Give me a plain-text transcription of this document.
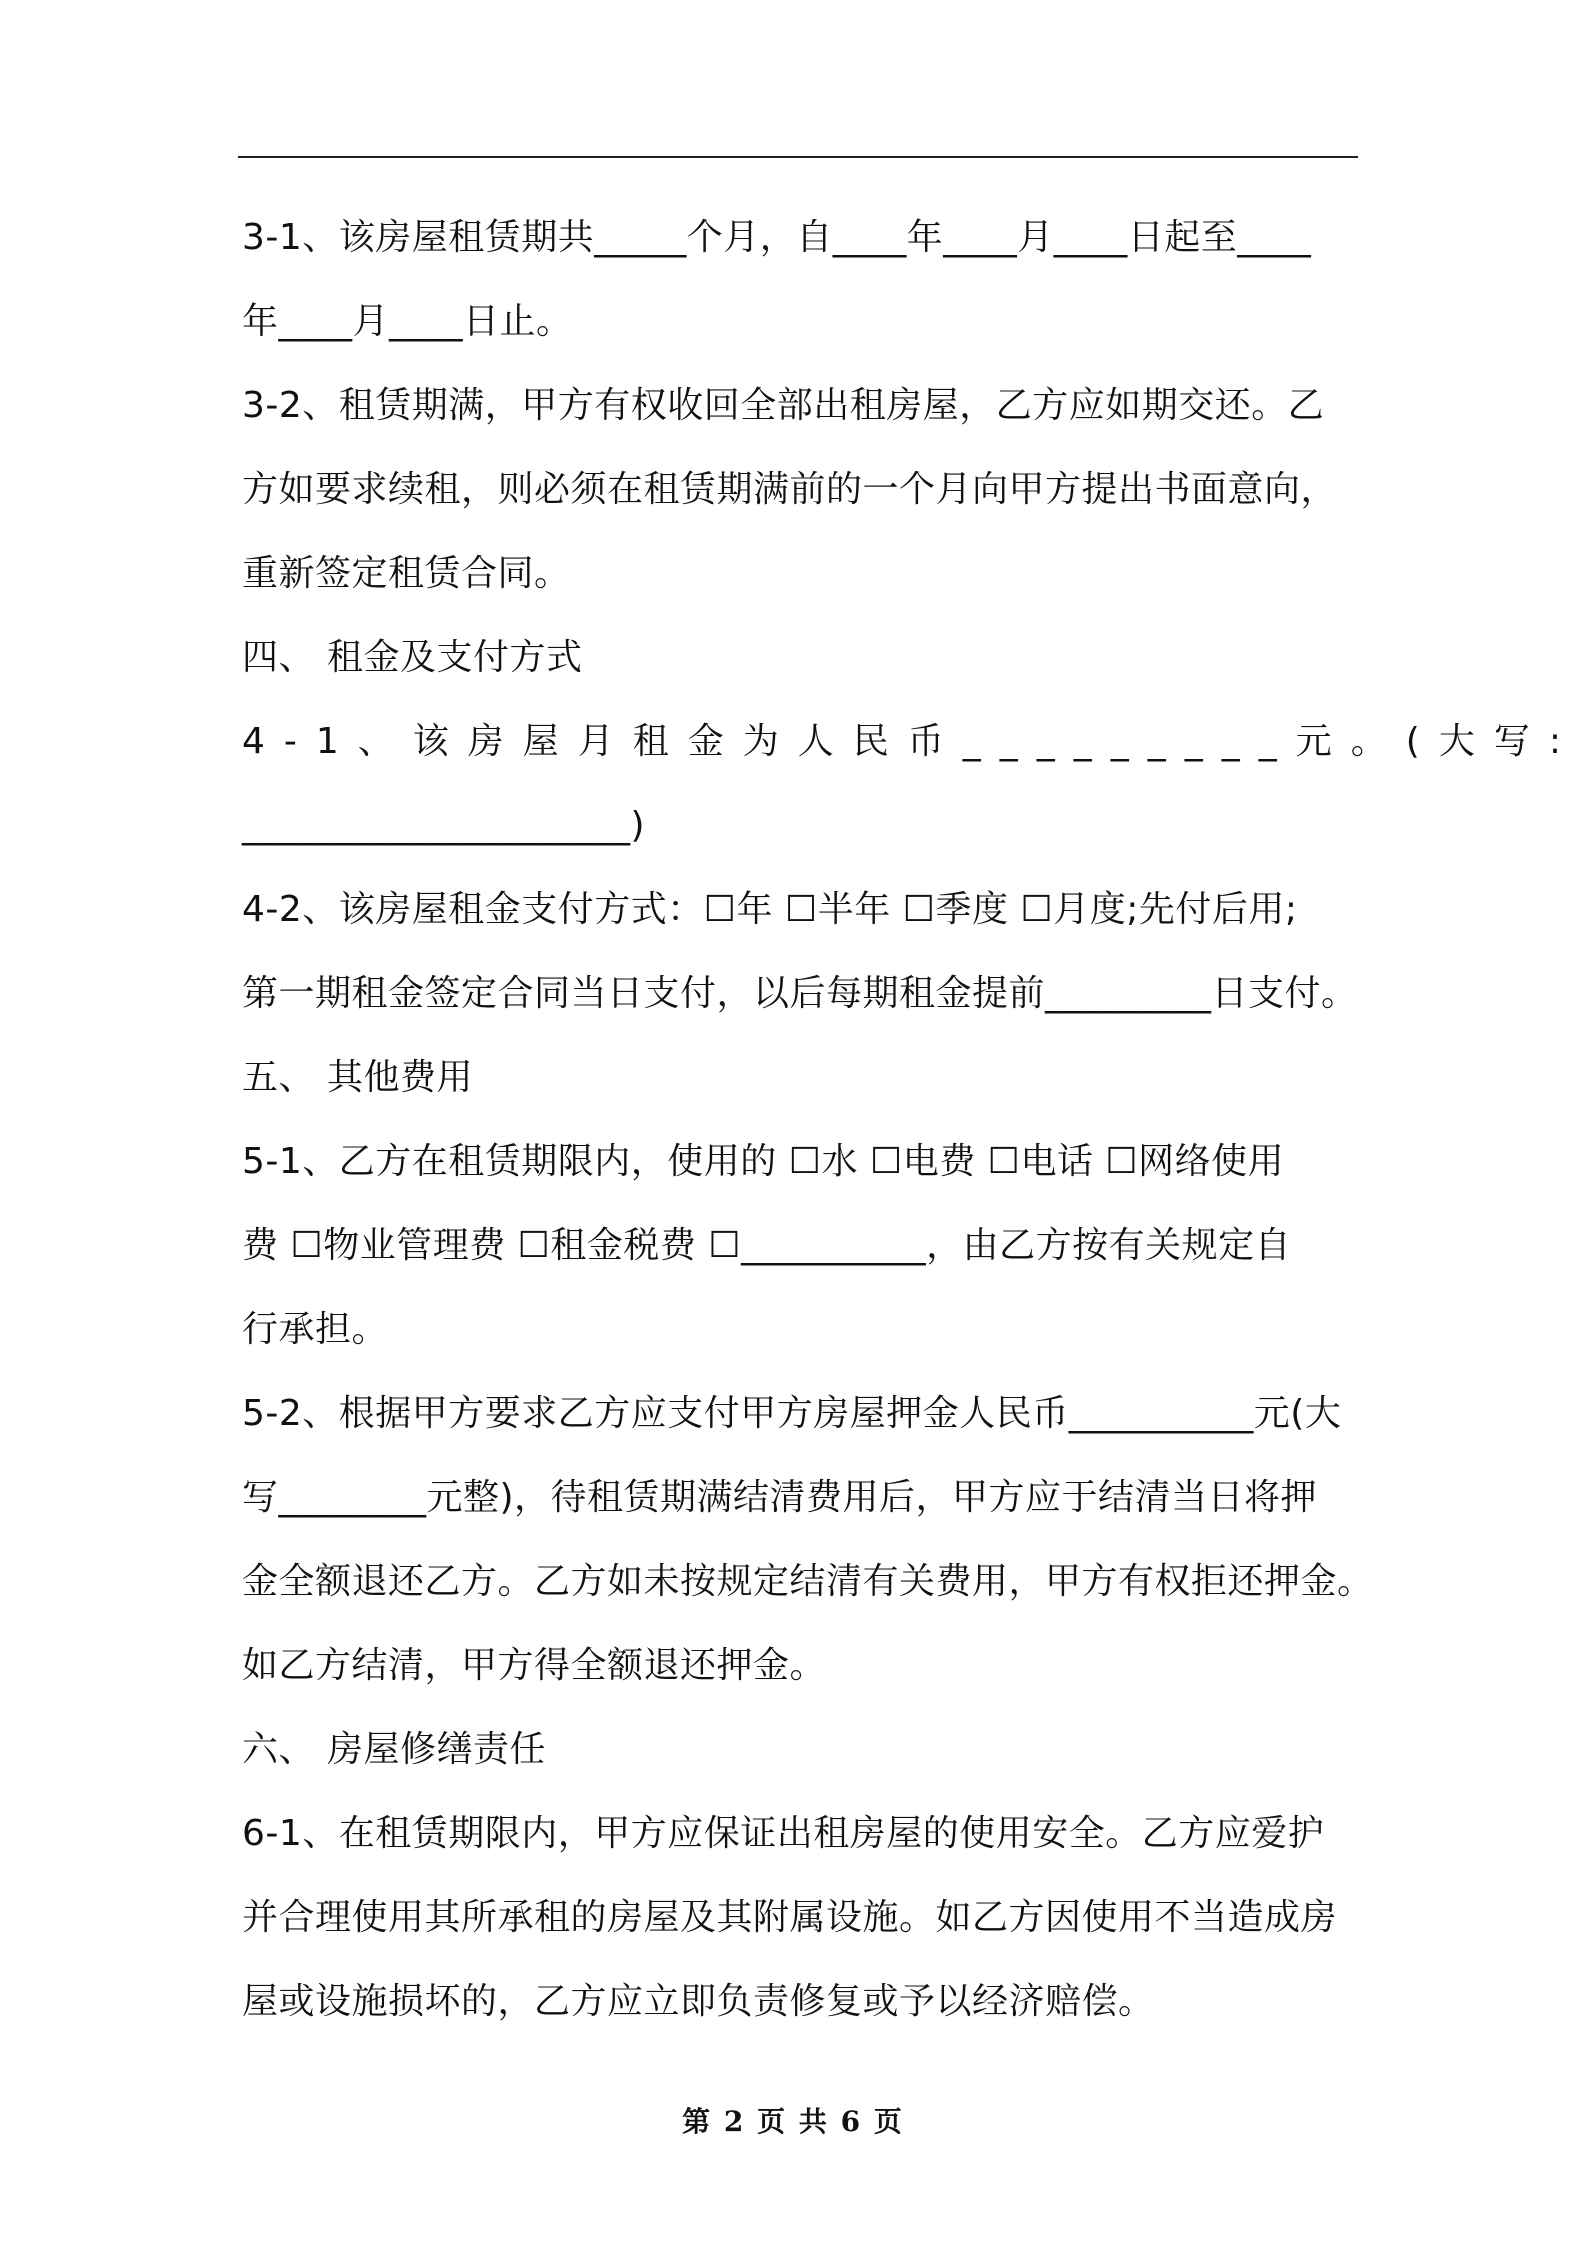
3-1、该房屋租赁期共_____个月，自____年____月____日起至____
年____月____日止。
3-2、租赁期满，甲方有权收回全部出租房屋，乙方应如期交还。乙
方如要求续租，则必须在租赁期满前的一个月向甲方提出书面意向，
重新签定租赁合同。
四、 租金及支付方式
4-1、该房屋月租金为人民币_________元。(大写:
_____________________)
4-2、该房屋租金支付方式：☐年 ☐半年 ☐季度 ☐月度;先付后用;
第一期租金签定合同当日支付，以后每期租金提前_________日支付。
五、 其他费用
5-1、乙方在租赁期限内，使用的 ☐水 ☐电费 ☐电话 ☐网络使用
费 ☐物业管理费 ☐租金税费 ☐__________，由乙方按有关规定自
行承担。
5-2、根据甲方要求乙方应支付甲方房屋押金人民币__________元(大
写________元整)，待租赁期满结清费用后，甲方应于结清当日将押
金全额退还乙方。乙方如未按规定结清有关费用，甲方有权拒还押金。
如乙方结清，甲方得全额退还押金。
六、 房屋修缮责任
6-1、在租赁期限内，甲方应保证出租房屋的使用安全。乙方应爱护
并合理使用其所承租的房屋及其附属设施。如乙方因使用不当造成房
屋或设施损坏的，乙方应立即负责修复或予以经济赔偿。
第 2 页 共 6 页
